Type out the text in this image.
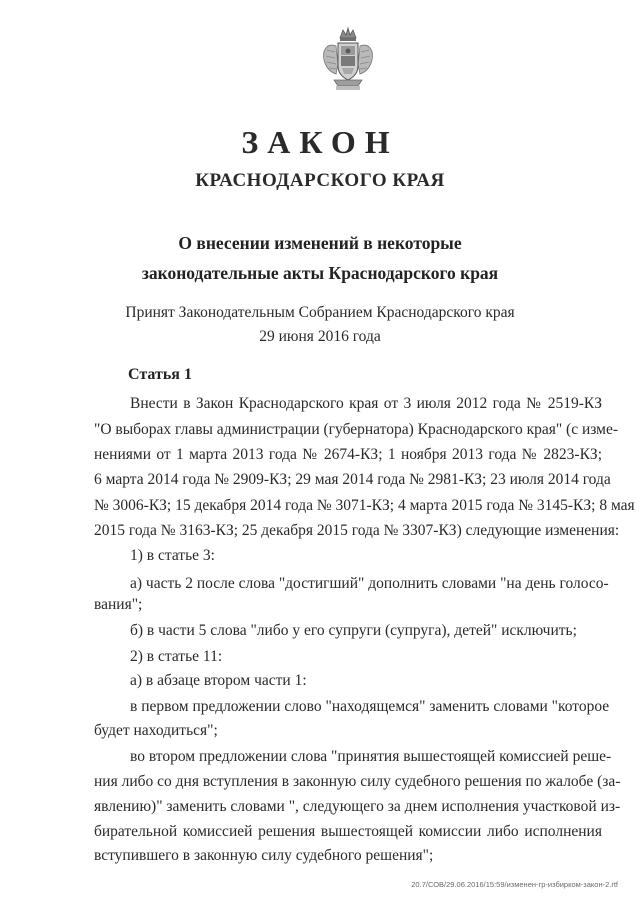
ЗАКОН
КРАСНОДАРСКОГО КРАЯ
О внесении изменений в некоторые
законодательные акты Краснодарского края
Принят Законодательным Собранием Краснодарского края
29 июня 2016 года
Статья 1
Внести в Закон Краснодарского края от 3 июля 2012 года № 2519-КЗ
"О выборах главы администрации (губернатора) Краснодарского края" (с изме-
нениями от 1 марта 2013 года № 2674-КЗ; 1 ноября 2013 года № 2823-КЗ;
6 марта 2014 года № 2909-КЗ; 29 мая 2014 года № 2981-КЗ; 23 июля 2014 года
№ 3006-КЗ; 15 декабря 2014 года № 3071-КЗ; 4 марта 2015 года № 3145-КЗ; 8 мая
2015 года № 3163-КЗ; 25 декабря 2015 года № 3307-КЗ) следующие изменения:
1) в статье 3:
а) часть 2 после слова "достигший" дополнить словами "на день голосо-
вания";
б) в части 5 слова "либо у его супруги (супруга), детей" исключить;
2) в статье 11:
а) в абзаце втором части 1:
в первом предложении слово "находящемся" заменить словами "которое
будет находиться";
во втором предложении слова "принятия вышестоящей комиссией реше-
ния либо со дня вступления в законную силу судебного решения по жалобе (за-
явлению)" заменить словами ", следующего за днем исполнения участковой из-
бирательной комиссией решения вышестоящей комиссии либо исполнения
вступившего в законную силу судебного решения";
20.7/СОВ/29.06.2016/15:59/изменен-гр-избирком-закон-2.rtf
